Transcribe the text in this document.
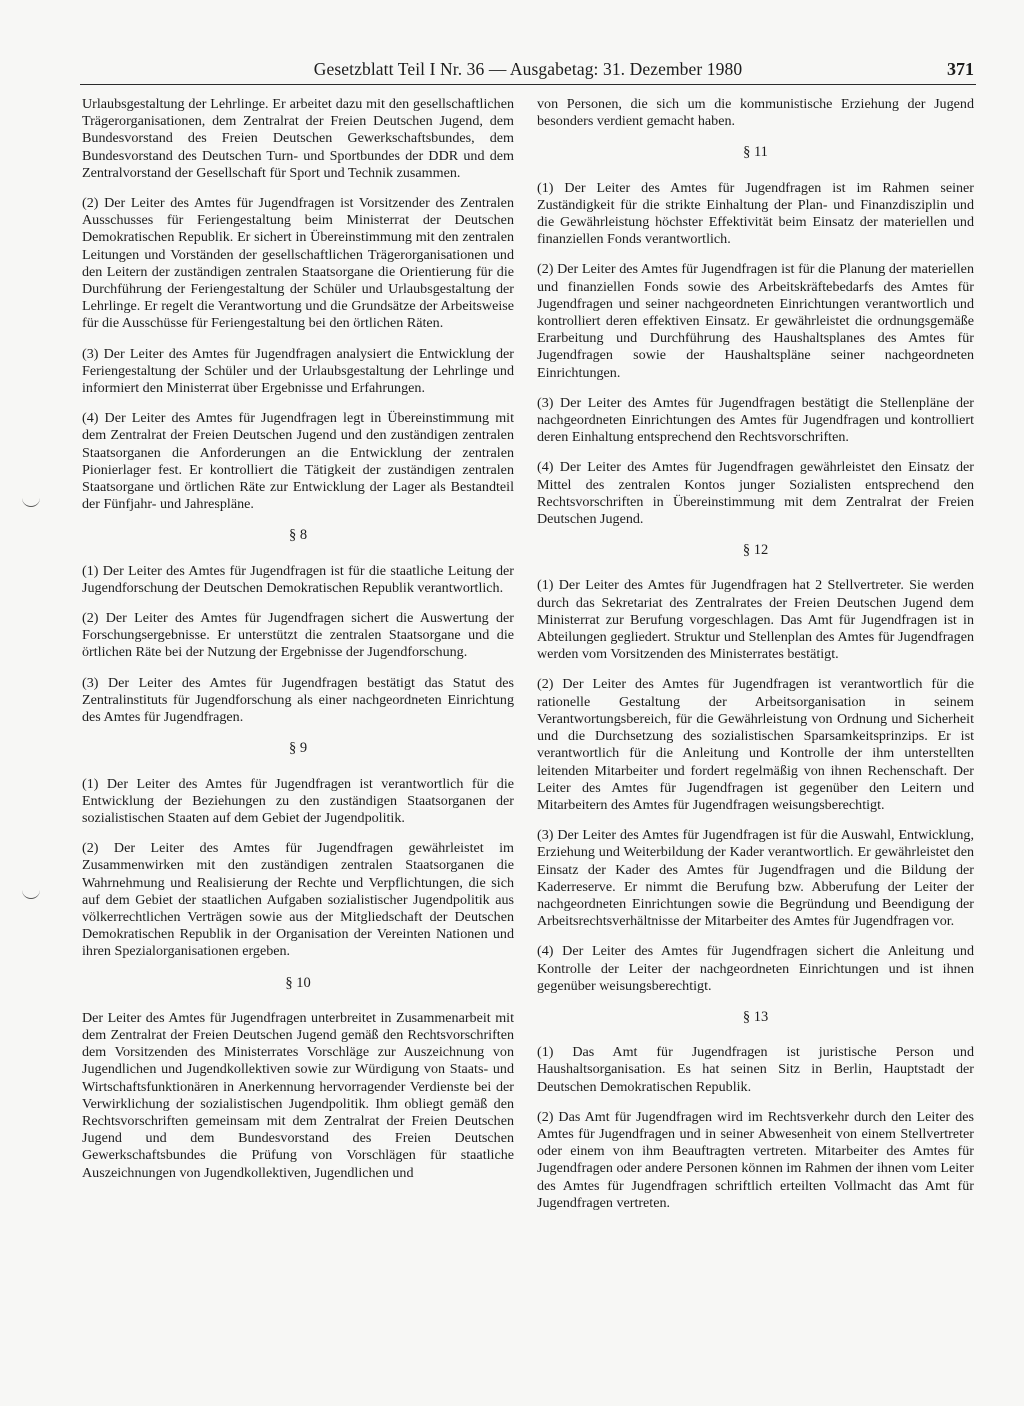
Gesetzblatt Teil I Nr. 36 — Ausgabetag: 31. Dezember 1980	371

Urlaubsgestaltung der Lehrlinge. Er arbeitet dazu mit den gesellschaftlichen Trägerorganisationen, dem Zentralrat der Freien Deutschen Jugend, dem Bundesvorstand des Freien Deutschen Gewerkschaftsbundes, dem Bundesvorstand des Deutschen Turn- und Sportbundes der DDR und dem Zentralvorstand der Gesellschaft für Sport und Technik zusammen.

(2) Der Leiter des Amtes für Jugendfragen ist Vorsitzender des Zentralen Ausschusses für Feriengestaltung beim Ministerrat der Deutschen Demokratischen Republik. Er sichert in Übereinstimmung mit den zentralen Leitungen und Vorständen der gesellschaftlichen Trägerorganisationen und den Leitern der zuständigen zentralen Staatsorgane die Orientierung für die Durchführung der Feriengestaltung der Schüler und Urlaubsgestaltung der Lehrlinge. Er regelt die Verantwortung und die Grundsätze der Arbeitsweise für die Ausschüsse für Feriengestaltung bei den örtlichen Räten.

(3) Der Leiter des Amtes für Jugendfragen analysiert die Entwicklung der Feriengestaltung der Schüler und der Urlaubsgestaltung der Lehrlinge und informiert den Ministerrat über Ergebnisse und Erfahrungen.

(4) Der Leiter des Amtes für Jugendfragen legt in Übereinstimmung mit dem Zentralrat der Freien Deutschen Jugend und den zuständigen zentralen Staatsorganen die Anforderungen an die Entwicklung der zentralen Pionierlager fest. Er kontrolliert die Tätigkeit der zuständigen zentralen Staatsorgane und örtlichen Räte zur Entwicklung der Lager als Bestandteil der Fünfjahr- und Jahrespläne.

§ 8

(1) Der Leiter des Amtes für Jugendfragen ist für die staatliche Leitung der Jugendforschung der Deutschen Demokratischen Republik verantwortlich.

(2) Der Leiter des Amtes für Jugendfragen sichert die Auswertung der Forschungsergebnisse. Er unterstützt die zentralen Staatsorgane und die örtlichen Räte bei der Nutzung der Ergebnisse der Jugendforschung.

(3) Der Leiter des Amtes für Jugendfragen bestätigt das Statut des Zentralinstituts für Jugendforschung als einer nachgeordneten Einrichtung des Amtes für Jugendfragen.

§ 9

(1) Der Leiter des Amtes für Jugendfragen ist verantwortlich für die Entwicklung der Beziehungen zu den zuständigen Staatsorganen der sozialistischen Staaten auf dem Gebiet der Jugendpolitik.

(2) Der Leiter des Amtes für Jugendfragen gewährleistet im Zusammenwirken mit den zuständigen zentralen Staatsorganen die Wahrnehmung und Realisierung der Rechte und Verpflichtungen, die sich auf dem Gebiet der staatlichen Aufgaben sozialistischer Jugendpolitik aus völkerrechtlichen Verträgen sowie aus der Mitgliedschaft der Deutschen Demokratischen Republik in der Organisation der Vereinten Nationen und ihren Spezialorganisationen ergeben.

§ 10

Der Leiter des Amtes für Jugendfragen unterbreitet in Zusammenarbeit mit dem Zentralrat der Freien Deutschen Jugend gemäß den Rechtsvorschriften dem Vorsitzenden des Ministerrates Vorschläge zur Auszeichnung von Jugendlichen und Jugendkollektiven sowie zur Würdigung von Staats- und Wirtschaftsfunktionären in Anerkennung hervorragender Verdienste bei der Verwirklichung der sozialistischen Jugendpolitik. Ihm obliegt gemäß den Rechtsvorschriften gemeinsam mit dem Zentralrat der Freien Deutschen Jugend und dem Bundesvorstand des Freien Deutschen Gewerkschaftsbundes die Prüfung von Vorschlägen für staatliche Auszeichnungen von Jugendkollektiven, Jugendlichen und

von Personen, die sich um die kommunistische Erziehung der Jugend besonders verdient gemacht haben.

§ 11

(1) Der Leiter des Amtes für Jugendfragen ist im Rahmen seiner Zuständigkeit für die strikte Einhaltung der Plan- und Finanzdisziplin und die Gewährleistung höchster Effektivität beim Einsatz der materiellen und finanziellen Fonds verantwortlich.

(2) Der Leiter des Amtes für Jugendfragen ist für die Planung der materiellen und finanziellen Fonds sowie des Arbeitskräftebedarfs des Amtes für Jugendfragen und seiner nachgeordneten Einrichtungen verantwortlich und kontrolliert deren effektiven Einsatz. Er gewährleistet die ordnungsgemäße Erarbeitung und Durchführung des Haushaltsplanes des Amtes für Jugendfragen sowie der Haushaltspläne seiner nachgeordneten Einrichtungen.

(3) Der Leiter des Amtes für Jugendfragen bestätigt die Stellenpläne der nachgeordneten Einrichtungen des Amtes für Jugendfragen und kontrolliert deren Einhaltung entsprechend den Rechtsvorschriften.

(4) Der Leiter des Amtes für Jugendfragen gewährleistet den Einsatz der Mittel des zentralen Kontos junger Sozialisten entsprechend den Rechtsvorschriften in Übereinstimmung mit dem Zentralrat der Freien Deutschen Jugend.

§ 12

(1) Der Leiter des Amtes für Jugendfragen hat 2 Stellvertreter. Sie werden durch das Sekretariat des Zentralrates der Freien Deutschen Jugend dem Ministerrat zur Berufung vorgeschlagen. Das Amt für Jugendfragen ist in Abteilungen gegliedert. Struktur und Stellenplan des Amtes für Jugendfragen werden vom Vorsitzenden des Ministerrates bestätigt.

(2) Der Leiter des Amtes für Jugendfragen ist verantwortlich für die rationelle Gestaltung der Arbeitsorganisation in seinem Verantwortungsbereich, für die Gewährleistung von Ordnung und Sicherheit und die Durchsetzung des sozialistischen Sparsamkeitsprinzips. Er ist verantwortlich für die Anleitung und Kontrolle der ihm unterstellten leitenden Mitarbeiter und fordert regelmäßig von ihnen Rechenschaft. Der Leiter des Amtes für Jugendfragen ist gegenüber den Leitern und Mitarbeitern des Amtes für Jugendfragen weisungsberechtigt.

(3) Der Leiter des Amtes für Jugendfragen ist für die Auswahl, Entwicklung, Erziehung und Weiterbildung der Kader verantwortlich. Er gewährleistet den Einsatz der Kader des Amtes für Jugendfragen und die Bildung der Kaderreserve. Er nimmt die Berufung bzw. Abberufung der Leiter der nachgeordneten Einrichtungen sowie die Begründung und Beendigung der Arbeitsrechtsverhältnisse der Mitarbeiter des Amtes für Jugendfragen vor.

(4) Der Leiter des Amtes für Jugendfragen sichert die Anleitung und Kontrolle der Leiter der nachgeordneten Einrichtungen und ist ihnen gegenüber weisungsberechtigt.

§ 13

(1) Das Amt für Jugendfragen ist juristische Person und Haushaltsorganisation. Es hat seinen Sitz in Berlin, Hauptstadt der Deutschen Demokratischen Republik.

(2) Das Amt für Jugendfragen wird im Rechtsverkehr durch den Leiter des Amtes für Jugendfragen und in seiner Abwesenheit von einem Stellvertreter oder einem von ihm Beauftragten vertreten. Mitarbeiter des Amtes für Jugendfragen oder andere Personen können im Rahmen der ihnen vom Leiter des Amtes für Jugendfragen schriftlich erteilten Vollmacht das Amt für Jugendfragen vertreten.
